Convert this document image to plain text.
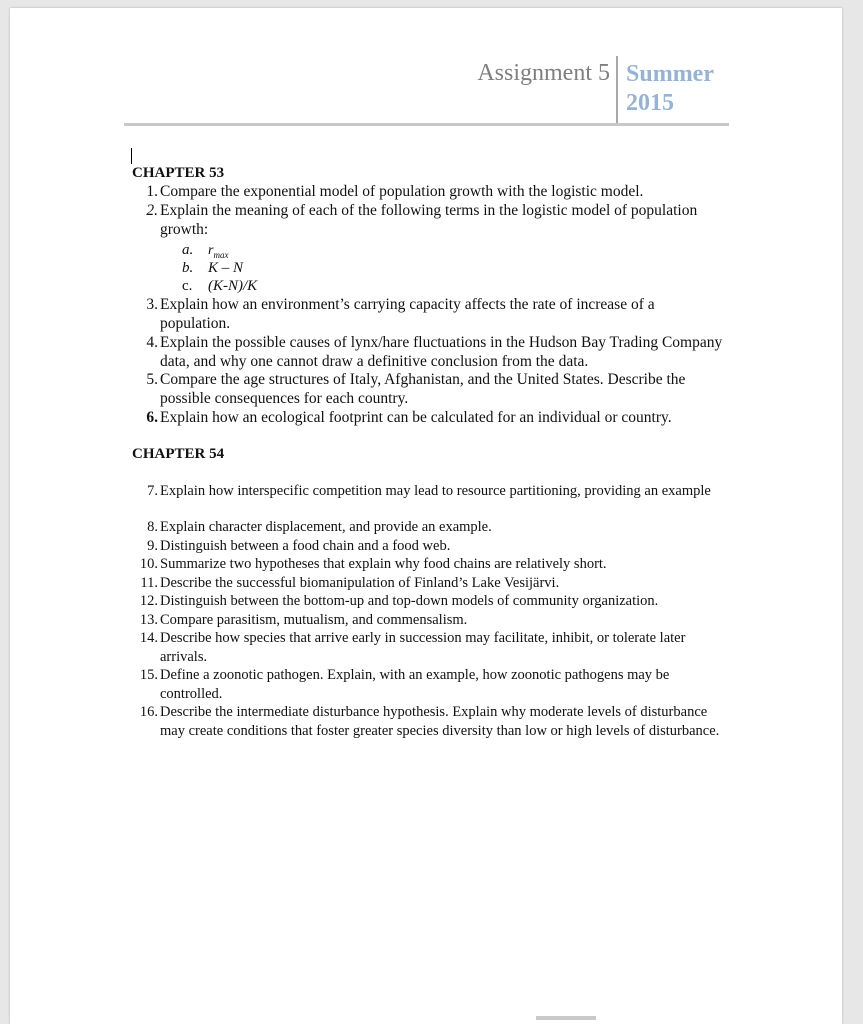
Assignment 5 Summer
2015
CHAPTER 53
1. Compare the exponential model of population growth with the logistic model.
2. Explain the meaning of each of the following terms in the logistic model of population growth:
a. $r_{max}$
b. K – N
c. (K-N)/K
3. Explain how an environment’s carrying capacity affects the rate of increase of a population.
4. Explain the possible causes of lynx/hare fluctuations in the Hudson Bay Trading Company data, and why one cannot draw a definitive conclusion from the data.
5. Compare the age structures of Italy, Afghanistan, and the United States. Describe the possible consequences for each country.
6. Explain how an ecological footprint can be calculated for an individual or country.
CHAPTER 54
7. Explain how interspecific competition may lead to resource partitioning, providing an example
8. Explain character displacement, and provide an example.
9. Distinguish between a food chain and a food web.
10. Summarize two hypotheses that explain why food chains are relatively short.
11. Describe the successful biomanipulation of Finland’s Lake Vesijärvi.
12. Distinguish between the bottom-up and top-down models of community organization.
13. Compare parasitism, mutualism, and commensalism.
14. Describe how species that arrive early in succession may facilitate, inhibit, or tolerate later arrivals.
15. Define a zoonotic pathogen. Explain, with an example, how zoonotic pathogens may be controlled.
16. Describe the intermediate disturbance hypothesis. Explain why moderate levels of disturbance may create conditions that foster greater species diversity than low or high levels of disturbance.
